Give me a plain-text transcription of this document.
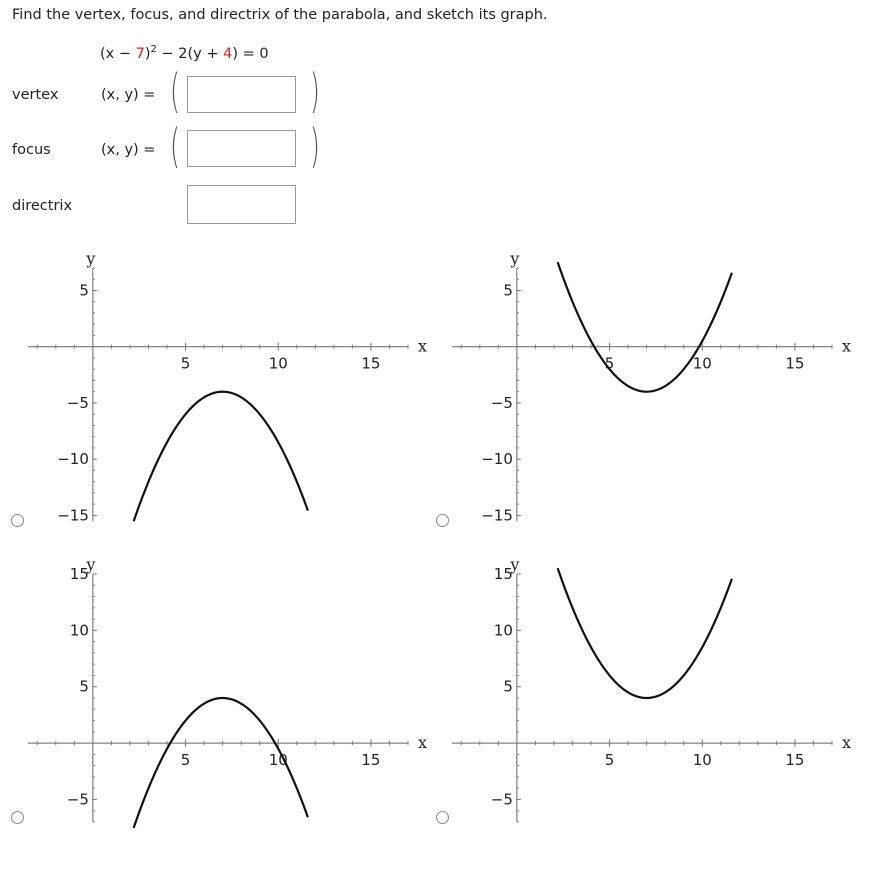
Find the vertex, focus, and directrix of the parabola, and sketch its graph.
$(x - 7)^2 - 2(y + 4) = 0$
vertex	(x, y) = (	)
focus	(x, y) = (	)
directrix
5	10	15
5
−5
−10
−15
x
y
5	10	15
5
−5
−10
−15
x
y
5	10	15
15
10
5
−5
x
y
5	10	15
15
10
5
−5
x
y
